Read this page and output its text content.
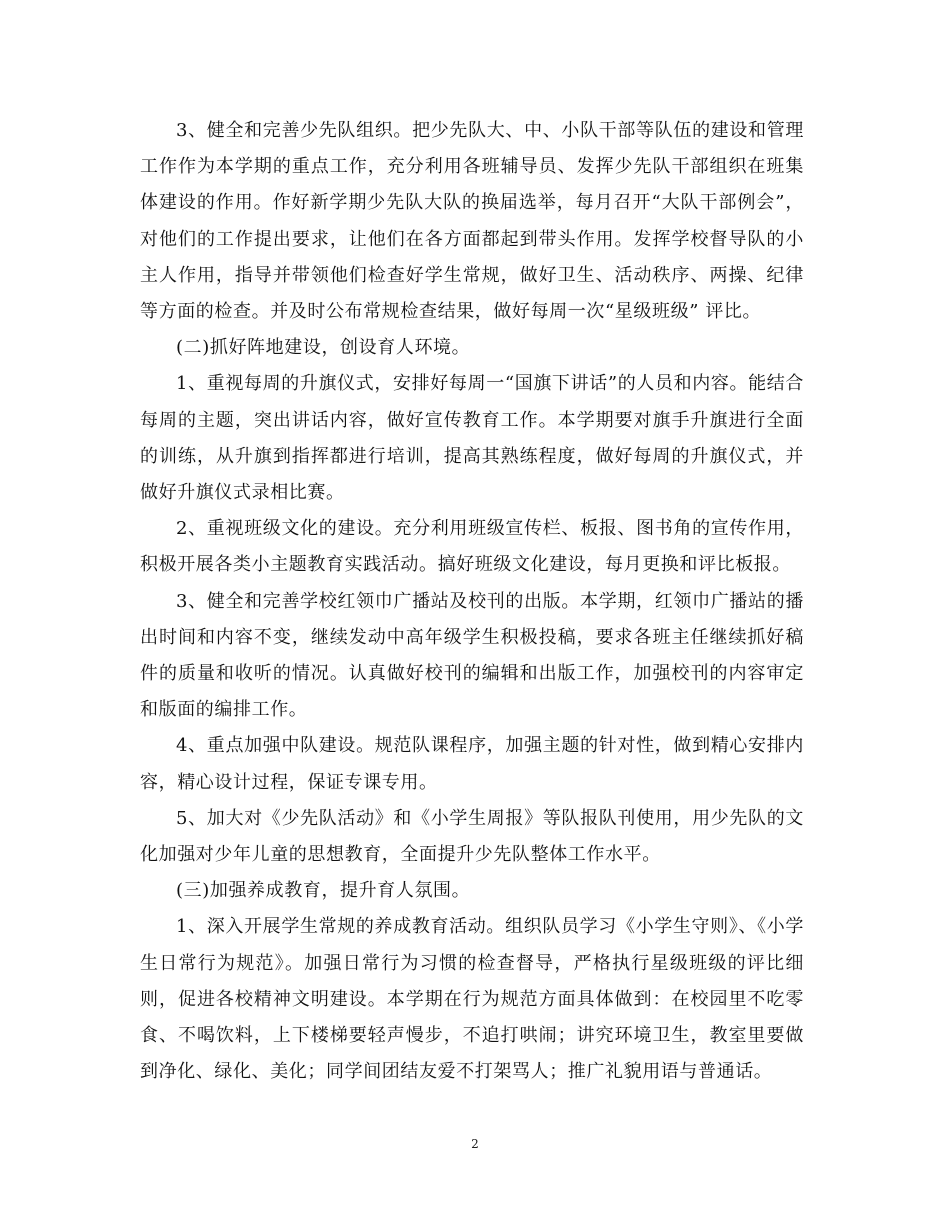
3、健全和完善少先队组织。把少先队大、中、小队干部等队伍的建设和管理工作作为本学期的重点工作，充分利用各班辅导员、发挥少先队干部组织在班集体建设的作用。作好新学期少先队大队的换届选举，每月召开“大队干部例会”，对他们的工作提出要求，让他们在各方面都起到带头作用。发挥学校督导队的小主人作用，指导并带领他们检查好学生常规，做好卫生、活动秩序、两操、纪律等方面的检查。并及时公布常规检查结果，做好每周一次“星级班级” 评比。

(二)抓好阵地建设，创设育人环境。

1、重视每周的升旗仪式，安排好每周一“国旗下讲话”的人员和内容。能结合每周的主题，突出讲话内容，做好宣传教育工作。本学期要对旗手升旗进行全面的训练，从升旗到指挥都进行培训，提高其熟练程度，做好每周的升旗仪式，并做好升旗仪式录相比赛。

2、重视班级文化的建设。充分利用班级宣传栏、板报、图书角的宣传作用，积极开展各类小主题教育实践活动。搞好班级文化建设，每月更换和评比板报。

3、健全和完善学校红领巾广播站及校刊的出版。本学期，红领巾广播站的播出时间和内容不变，继续发动中高年级学生积极投稿，要求各班主任继续抓好稿件的质量和收听的情况。认真做好校刊的编辑和出版工作，加强校刊的内容审定和版面的编排工作。

4、重点加强中队建设。规范队课程序，加强主题的针对性，做到精心安排内容，精心设计过程，保证专课专用。

5、加大对《少先队活动》和《小学生周报》等队报队刊使用，用少先队的文化加强对少年儿童的思想教育，全面提升少先队整体工作水平。

(三)加强养成教育，提升育人氛围。

1、深入开展学生常规的养成教育活动。组织队员学习《小学生守则》、《小学生日常行为规范》。加强日常行为习惯的检查督导，严格执行星级班级的评比细则，促进各校精神文明建设。本学期在行为规范方面具体做到：在校园里不吃零食、不喝饮料，上下楼梯要轻声慢步，不追打哄闹；讲究环境卫生，教室里要做到净化、绿化、美化；同学间团结友爱不打架骂人；推广礼貌用语与普通话。

2
